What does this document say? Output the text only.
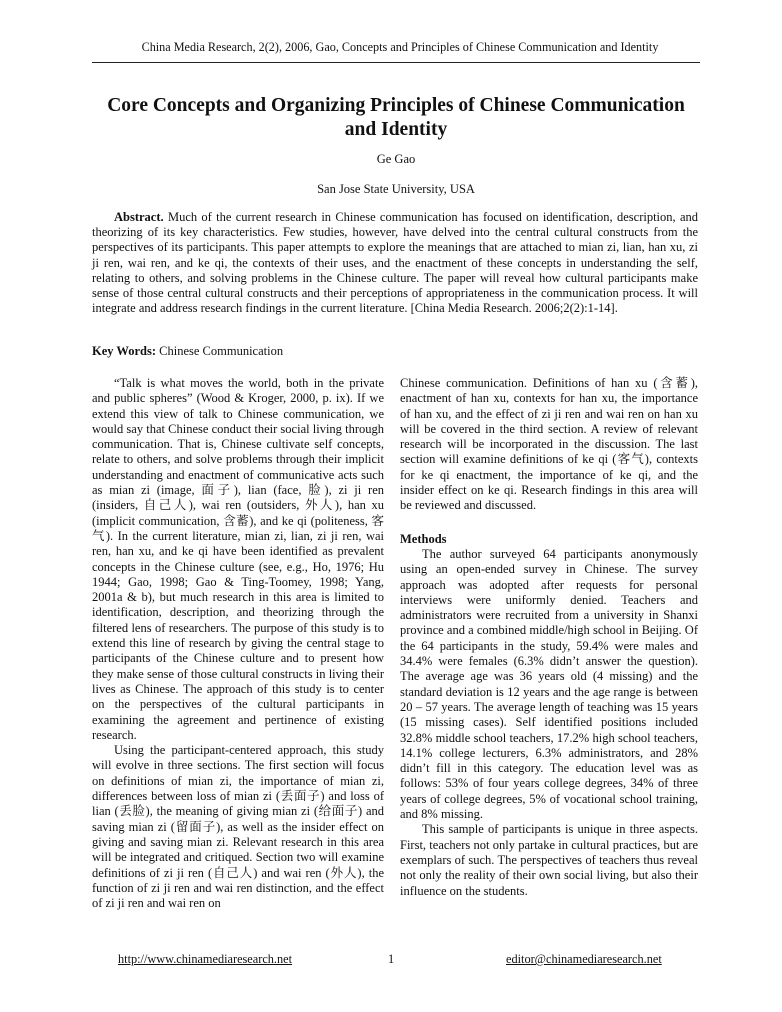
China Media Research, 2(2), 2006, Gao, Concepts and Principles of Chinese Communication and Identity
Core Concepts and Organizing Principles of Chinese Communication and Identity
Ge Gao
San Jose State University, USA
Abstract. Much of the current research in Chinese communication has focused on identification, description, and theorizing of its key characteristics. Few studies, however, have delved into the central cultural constructs from the perspectives of its participants. This paper attempts to explore the meanings that are attached to mian zi, lian, han xu, zi ji ren, wai ren, and ke qi, the contexts of their uses, and the enactment of these concepts in understanding the self, relating to others, and solving problems in the Chinese culture. The paper will reveal how cultural participants make sense of those central cultural constructs and their perceptions of appropriateness in the communication process. It will integrate and address research findings in the current literature. [China Media Research. 2006;2(2):1-14].
Key Words: Chinese Communication

“Talk is what moves the world, both in the private and public spheres” (Wood & Kroger, 2000, p. ix). If we extend this view of talk to Chinese communication, we would say that Chinese conduct their social living through communication. That is, Chinese cultivate self concepts, relate to others, and solve problems through their implicit understanding and enactment of communicative acts such as mian zi (image, 面子), lian (face, 脸), zi ji ren (insiders, 自己人), wai ren (outsiders, 外人), han xu (implicit communication, 含蓄), and ke qi (politeness, 客气). In the current literature, mian zi, lian, zi ji ren, wai ren, han xu, and ke qi have been identified as prevalent concepts in the Chinese culture (see, e.g., Ho, 1976; Hu 1944; Gao, 1998; Gao & Ting-Toomey, 1998; Yang, 2001a & b), but much research in this area is limited to identification, description, and theorizing through the filtered lens of researchers. The purpose of this study is to extend this line of research by giving the central stage to participants of the Chinese culture and to present how they make sense of those cultural constructs in living their lives as Chinese. The approach of this study is to center on the perspectives of the cultural participants in examining the agreement and pertinence of existing research.

Using the participant-centered approach, this study will evolve in three sections. The first section will focus on definitions of mian zi, the importance of mian zi, differences between loss of mian zi (丢面子) and loss of lian (丢脸), the meaning of giving mian zi (给面子) and saving mian zi (留面子), as well as the insider effect on giving and saving mian zi. Relevant research in this area will be integrated and critiqued. Section two will examine definitions of zi ji ren (自己人) and wai ren (外人), the function of zi ji ren and wai ren distinction, and the effect of zi ji ren and wai ren on

Chinese communication. Definitions of han xu (含蓄), enactment of han xu, contexts for han xu, the importance of han xu, and the effect of zi ji ren and wai ren on han xu will be covered in the third section. A review of relevant research will be incorporated in the discussion. The last section will examine definitions of ke qi (客气), contexts for ke qi enactment, the importance of ke qi, and the insider effect on ke qi. Research findings in this area will be reviewed and discussed.

Methods

The author surveyed 64 participants anonymously using an open-ended survey in Chinese. The survey approach was adopted after requests for personal interviews were uniformly denied. Teachers and administrators were recruited from a university in Shanxi province and a combined middle/high school in Beijing. Of the 64 participants in the study, 59.4% were males and 34.4% were females (6.3% didn’t answer the question). The average age was 36 years old (4 missing) and the standard deviation is 12 years and the age range is between 20 – 57 years. The average length of teaching was 15 years (15 missing cases). Self identified positions included 32.8% middle school teachers, 17.2% high school teachers, 14.1% college lecturers, 6.3% administrators, and 28% didn’t fill in this category. The education level was as follows: 53% of four years college degrees, 34% of three years of college degrees, 5% of vocational school training, and 8% missing.

This sample of participants is unique in three aspects. First, teachers not only partake in cultural practices, but are exemplars of such. The perspectives of teachers thus reveal not only the reality of their own social living, but also their influence on the students.

http://www.chinamediaresearch.net	1	editor@chinamediaresearch.net
